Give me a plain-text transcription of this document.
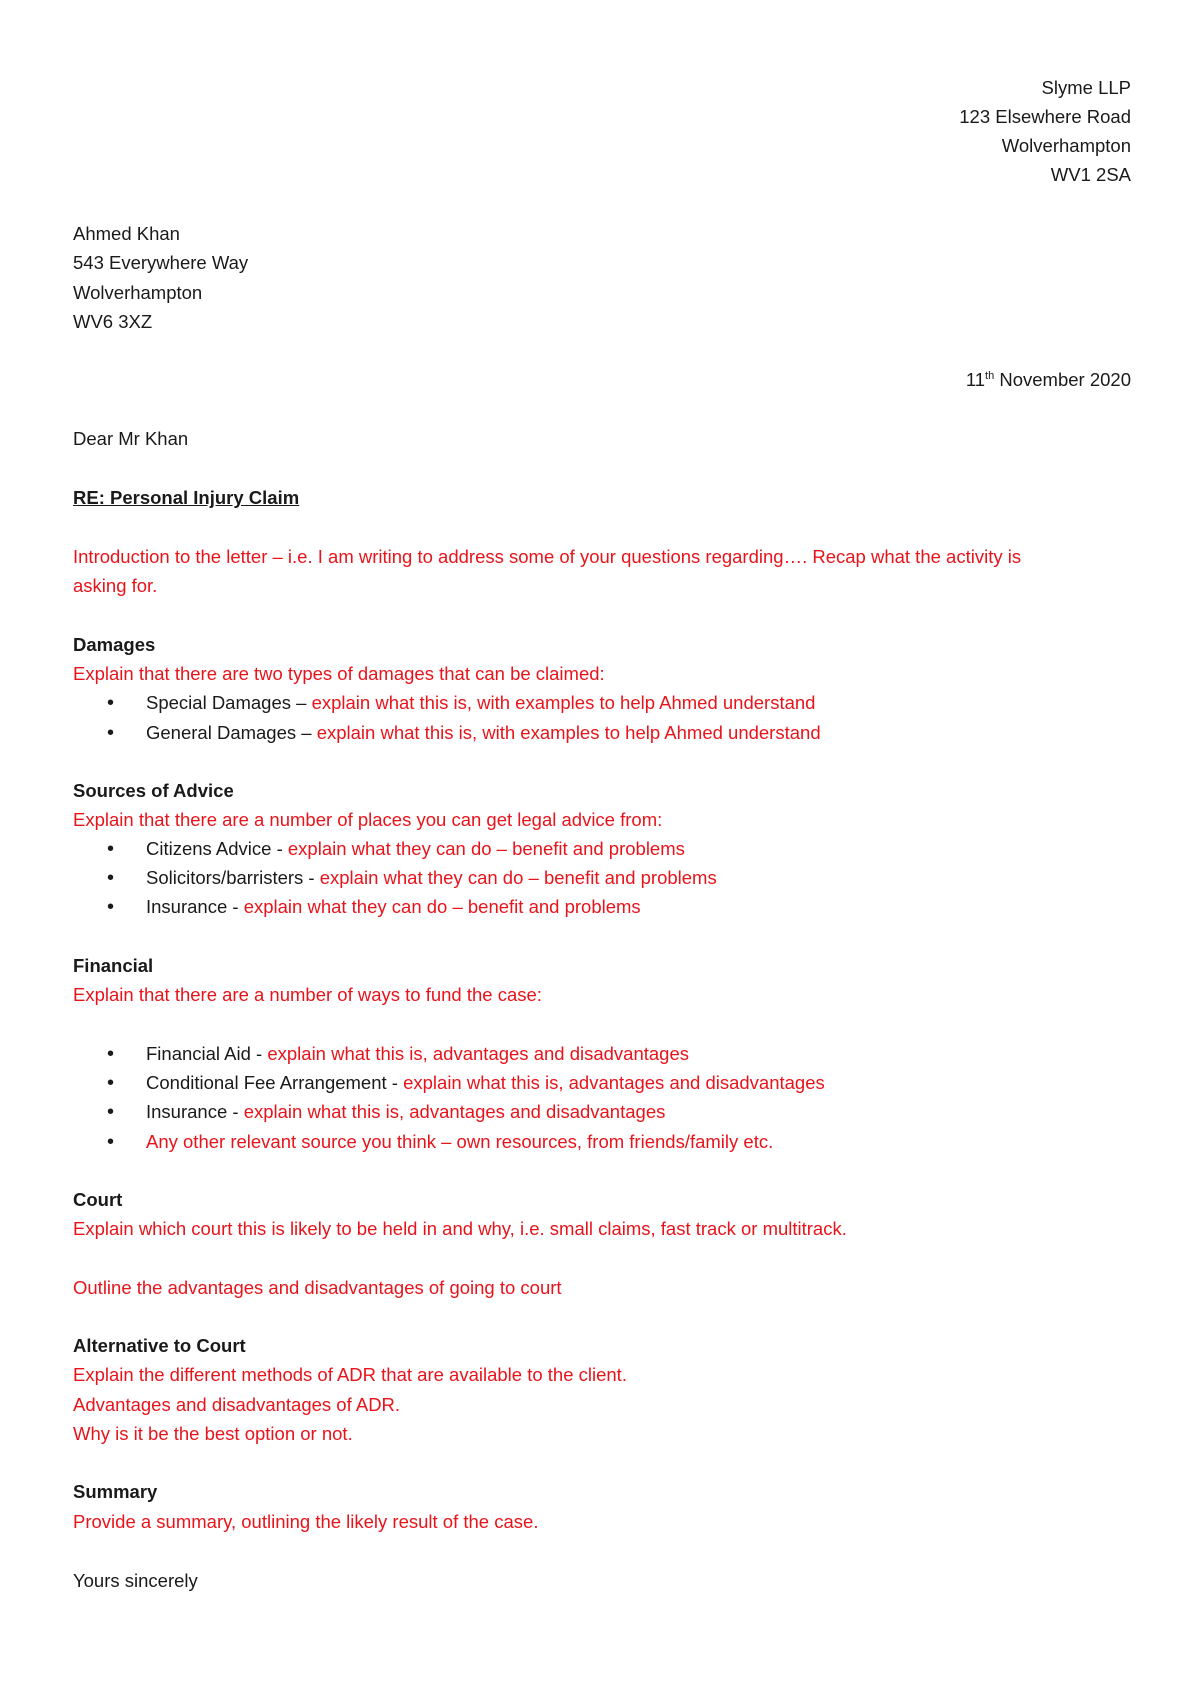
Slyme LLP
123 Elsewhere Road
Wolverhampton
WV1 2SA
Ahmed Khan
543 Everywhere Way
Wolverhampton
WV6 3XZ
11th November 2020
Dear Mr Khan
RE: Personal Injury Claim
Introduction to the letter – i.e. I am writing to address some of your questions regarding…. Recap what the activity is
asking for.
Damages
Explain that there are two types of damages that can be claimed:
• Special Damages – explain what this is, with examples to help Ahmed understand
• General Damages – explain what this is, with examples to help Ahmed understand
Sources of Advice
Explain that there are a number of places you can get legal advice from:
• Citizens Advice - explain what they can do – benefit and problems
• Solicitors/barristers - explain what they can do – benefit and problems
• Insurance - explain what they can do – benefit and problems
Financial
Explain that there are a number of ways to fund the case:
• Financial Aid - explain what this is, advantages and disadvantages
• Conditional Fee Arrangement - explain what this is, advantages and disadvantages
• Insurance - explain what this is, advantages and disadvantages
• Any other relevant source you think – own resources, from friends/family etc.
Court
Explain which court this is likely to be held in and why, i.e. small claims, fast track or multitrack.
Outline the advantages and disadvantages of going to court
Alternative to Court
Explain the different methods of ADR that are available to the client.
Advantages and disadvantages of ADR.
Why is it be the best option or not.
Summary
Provide a summary, outlining the likely result of the case.
Yours sincerely
